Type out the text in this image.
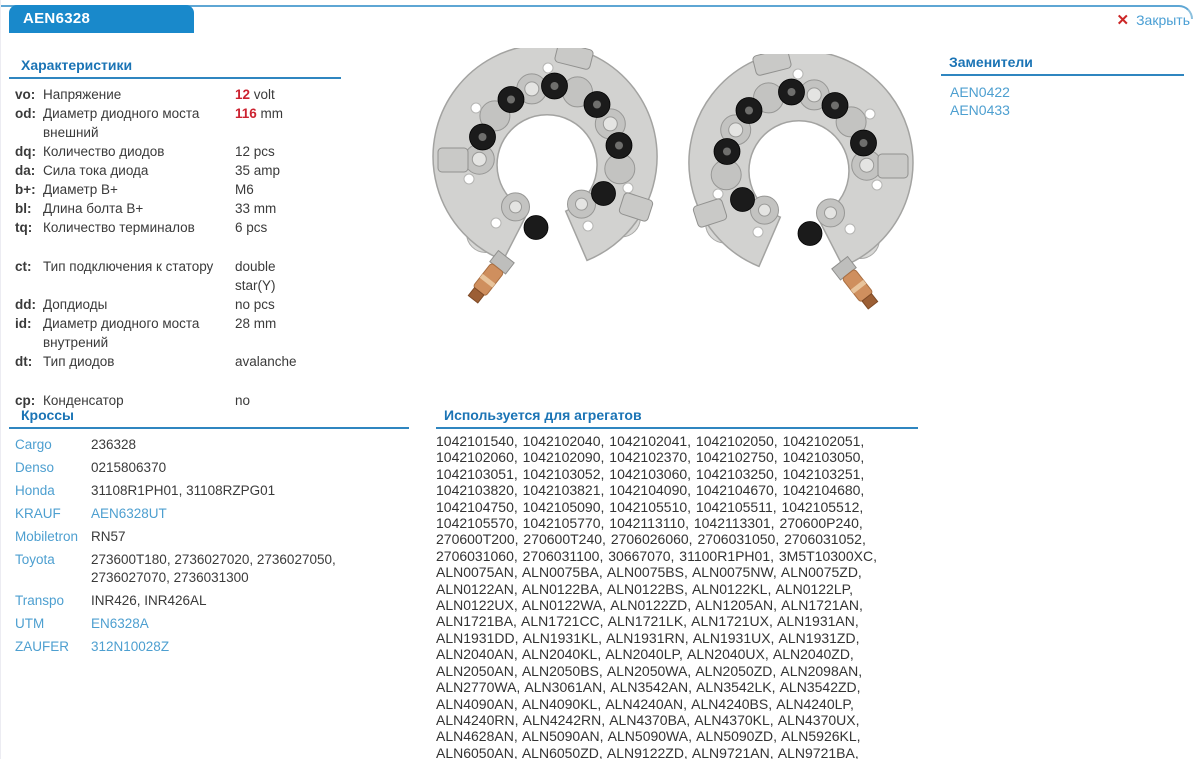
AEN6328	✕ Закрыть
Характеристики
vo: Напряжение	12 volt
od: Диаметр диодного моста внешний
116 mm
dq: Количество диодов	12 pcs
da: Сила тока диода	35 amp
b+: Диаметр B+	M6
bl: Длина болта B+	33 mm
tq: Количество терминалов	6 pcs
ct: Тип подключения к статору	double star(Y)
dd: Допдиоды	no pcs
id: Диаметр диодного моста внутрений
28 mm
dt: Тип диодов	avalanche
cp: Конденсатор	no
Заменители
AEN0422
AEN0433
Кроссы
Cargo	236328
Denso	0215806370
Honda	31108R1PH01, 31108RZPG01
KRAUF	AEN6328UT
Mobiletron RN57
Toyota	273600T180, 2736027020, 2736027050, 2736027070, 2736031300
Transpo	INR426, INR426AL
UTM	EN6328A
ZAUFER	312N10028Z
Используется для агрегатов
1042101540, 1042102040, 1042102041, 1042102050, 1042102051, 1042102060, 1042102090, 1042102370, 1042102750, 1042103050, 1042103051, 1042103052, 1042103060, 1042103250, 1042103251, 1042103820, 1042103821, 1042104090, 1042104670, 1042104680, 1042104750, 1042105090, 1042105510, 1042105511, 1042105512, 1042105570, 1042105770, 1042113110, 1042113301, 270600P240, 270600T200, 270600T240, 2706026060, 2706031050, 2706031052, 2706031060, 2706031100, 30667070, 31100R1PH01, 3M5T10300XC, ALN0075AN, ALN0075BA, ALN0075BS, ALN0075NW, ALN0075ZD, ALN0122AN, ALN0122BA, ALN0122BS, ALN0122KL, ALN0122LP, ALN0122UX, ALN0122WA, ALN0122ZD, ALN1205AN, ALN1721AN, ALN1721BA, ALN1721CC, ALN1721LK, ALN1721UX, ALN1931AN, ALN1931DD, ALN1931KL, ALN1931RN, ALN1931UX, ALN1931ZD, ALN2040AN, ALN2040KL, ALN2040LP, ALN2040UX, ALN2040ZD, ALN2050AN, ALN2050BS, ALN2050WA, ALN2050ZD, ALN2098AN, ALN2770WA, ALN3061AN, ALN3542AN, ALN3542LK, ALN3542ZD, ALN4090AN, ALN4090KL, ALN4240AN, ALN4240BS, ALN4240LP, ALN4240RN, ALN4242RN, ALN4370BA, ALN4370KL, ALN4370UX, ALN4628AN, ALN5090AN, ALN5090WA, ALN5090ZD, ALN5926KL, ALN6050AN, ALN6050ZD, ALN9122ZD, ALN9721AN, ALN9721BA,
